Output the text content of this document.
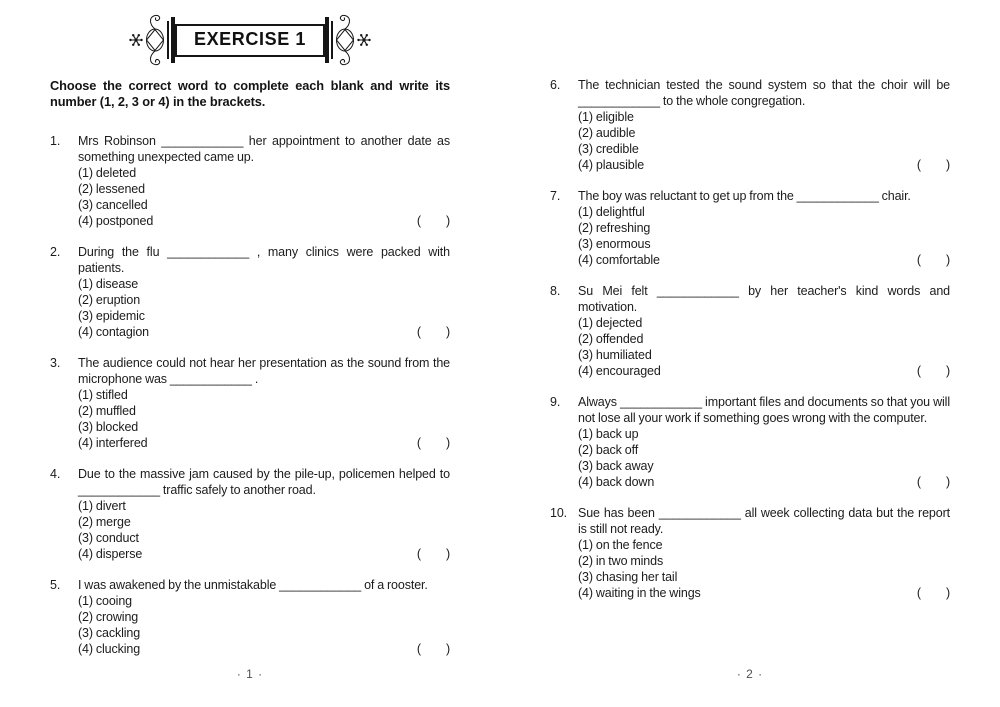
EXERCISE 1
Choose the correct word to complete each blank and write its number (1, 2, 3 or 4) in the brackets.
1.	Mrs Robinson ____________ her appointment to another date as something unexpected came up.
(1) deleted
(2) lessened
(3) cancelled
(4) postponed	( )
2.	During the flu ____________ , many clinics were packed with patients.
(1) disease
(2) eruption
(3) epidemic
(4) contagion	( )
3.	The audience could not hear her presentation as the sound from the microphone was ____________ .
(1) stifled
(2) muffled
(3) blocked
(4) interfered	( )
4.	Due to the massive jam caused by the pile-up, policemen helped to ____________ traffic safely to another road.
(1) divert
(2) merge
(3) conduct
(4) disperse	( )
5.	I was awakened by the unmistakable ____________ of a rooster.
(1) cooing
(2) crowing
(3) cackling
(4) clucking	( )
· 1 ·
6.	The technician tested the sound system so that the choir will be ____________ to the whole congregation.
(1) eligible
(2) audible
(3) credible
(4) plausible	( )
7.	The boy was reluctant to get up from the ____________ chair.
(1) delightful
(2) refreshing
(3) enormous
(4) comfortable	( )
8.	Su Mei felt ____________ by her teacher's kind words and motivation.
(1) dejected
(2) offended
(3) humiliated
(4) encouraged	( )
9.	Always ____________ important files and documents so that you will not lose all your work if something goes wrong with the computer.
(1) back up
(2) back off
(3) back away
(4) back down	( )
10. Sue has been ____________ all week collecting data but the report is still not ready.
(1) on the fence
(2) in two minds
(3) chasing her tail
(4) waiting in the wings	( )
· 2 ·
